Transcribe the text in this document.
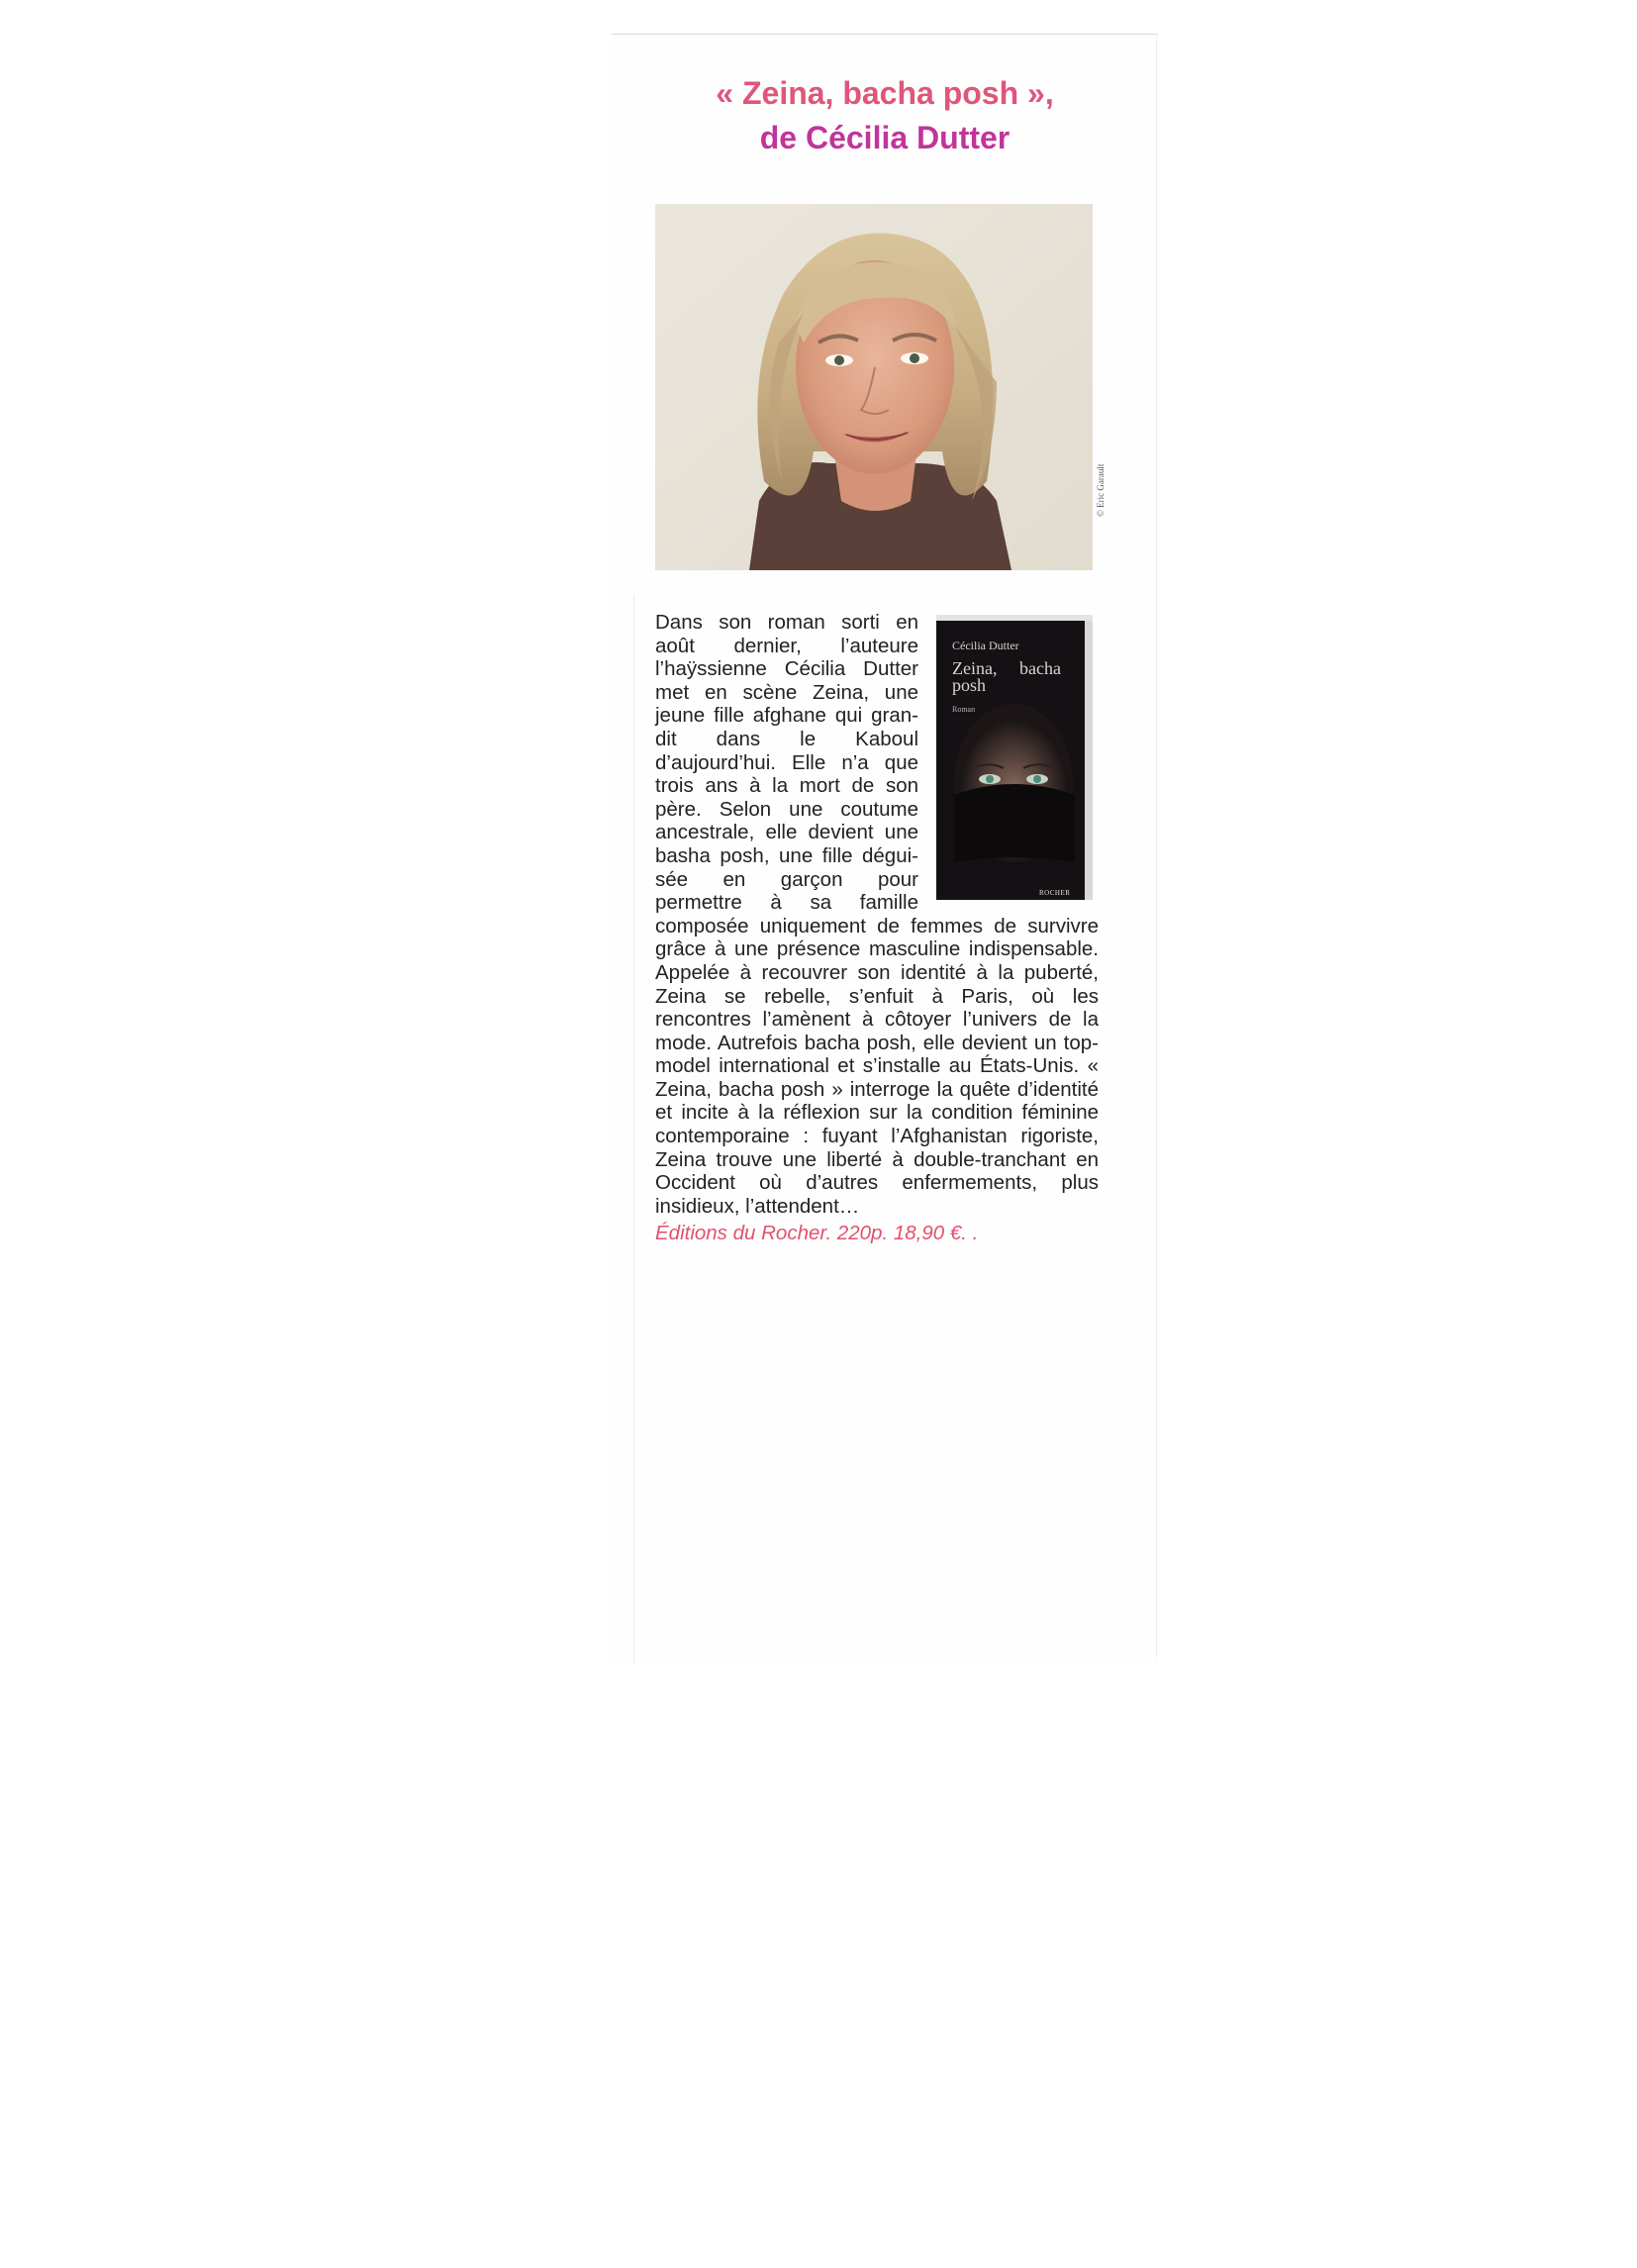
« Zeina, bacha posh »,
de Cécilia Dutter
© Eric Garault
Cécilia Dutter
Zeina, bacha posh
Roman
ROCHER

Dans son roman sorti en août dernier, l’auteure l’haÿssienne Cécilia Dutter met en scène Zeina, une jeune fille afghane qui grandit dans le Kaboul d’aujourd’hui. Elle n’a que trois ans à la mort de son père. Selon une coutume ancestrale, elle devient une basha posh, une fille déguisée en garçon pour permettre à sa famille composée uniquement de femmes de survivre grâce à une présence masculine indispensable. Appelée à recouvrer son identité à la puberté, Zeina se rebelle, s’enfuit à Paris, où les rencontres l’amènent à côtoyer l’univers de la mode. Autrefois bacha posh, elle devient un top-model international et s’installe au États-Unis. « Zeina, bacha posh » interroge la quête d’identité et incite à la réflexion sur la condition féminine contemporaine : fuyant l’Afghanistan rigoriste, Zeina trouve une liberté à double-tranchant en Occident où d’autres enfermements, plus insidieux, l’attendent…

Éditions du Rocher. 220p. 18,90 €. .
